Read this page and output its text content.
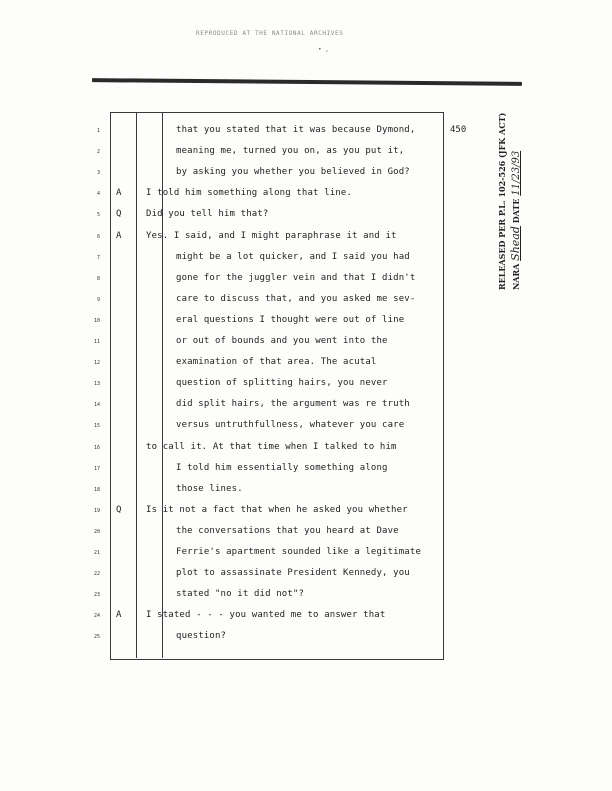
REPRODUCED AT THE NATIONAL ARCHIVES
• ,
450
1	that you stated that it was because Dymond,
2	meaning me, turned you on, as you put it,
3	by asking you whether you believed in God?
4 A	I told him something along that line.
5 Q	Did you tell him that?
6 A	Yes. I said, and I might paraphrase it and it
7	might be a lot quicker, and I said you had
8	gone for the juggler vein and that I didn't
9	care to discuss that, and you asked me sev-
10	eral questions I thought were out of line
11	or out of bounds and you went into the
12	examination of that area. The acutal
13	question of splitting hairs, you never
14	did split hairs, the argument was re truth
15	versus untruthfullness, whatever you care
16	to call it. At that time when I talked to him
17	I told him essentially something along
18	those lines.
19 Q	Is it not a fact that when he asked you whether
20	the conversations that you heard at Dave
21	Ferrie's apartment sounded like a legitimate
22	plot to assassinate President Kennedy, you
23	stated "no it did not"?
24 A	I stated - - - you wanted me to answer that
25	question?
RELEASED PER P.L. 102-526 (JFK ACT) NARA Shead DATE 11/23/93
